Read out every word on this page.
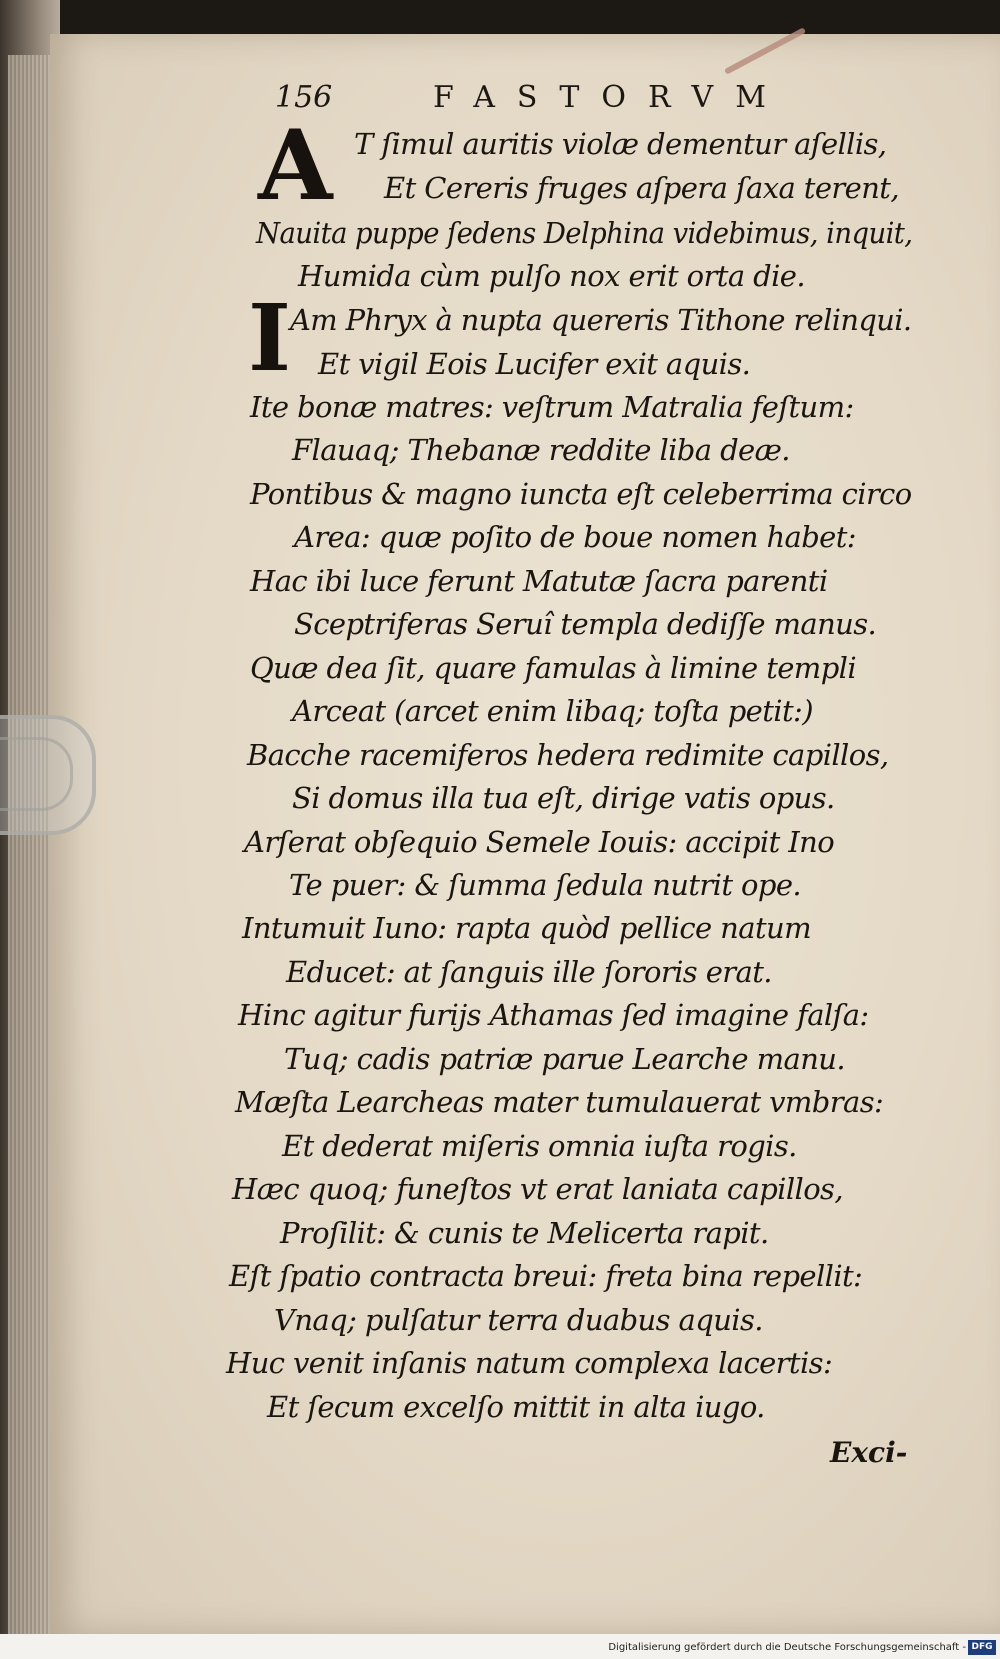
156	FASTORVM
A
I
T ſimul auritis violæ dementur aſellis,
Et Cereris fruges aſpera ſaxa terent,
Nauita puppe ſedens Delphina videbimus, inquit,
Humida cùm pulſo nox erit orta die.
Am Phryx à nupta quereris Tithone relinqui.
Et vigil Eois Lucifer exit aquis.
Ite bonæ matres: veſtrum Matralia feſtum:
Flauaq; Thebanæ reddite liba deæ.
Pontibus & magno iuncta eſt celeberrima circo
Area: quæ poſito de boue nomen habet:
Hac ibi luce ferunt Matutæ ſacra parenti
Sceptriferas Seruî templa dediſſe manus.
Quæ dea ſit, quare famulas à limine templi
Arceat (arcet enim libaq; toſta petit:)
Bacche racemiferos hedera redimite capillos,
Si domus illa tua eſt, dirige vatis opus.
Arſerat obſequio Semele Iouis: accipit Ino
Te puer: & ſumma ſedula nutrit ope.
Intumuit Iuno: rapta quòd pellice natum
Educet: at ſanguis ille ſororis erat.
Hinc agitur furijs Athamas ſed imagine falſa:
Tuq; cadis patriæ parue Learche manu.
Mæſta Learcheas mater tumulauerat vmbras:
Et dederat miſeris omnia iuſta rogis.
Hæc quoq; funeſtos vt erat laniata capillos,
Proſilit: & cunis te Melicerta rapit.
Eſt ſpatio contracta breui: freta bina repellit:
Vnaq; pulſatur terra duabus aquis.
Huc venit inſanis natum complexa lacertis:
Et ſecum excelſo mittit in alta iugo.
Exci-
Digitalisierung gefördert durch die Deutsche Forschungsgemeinschaft - DFG
